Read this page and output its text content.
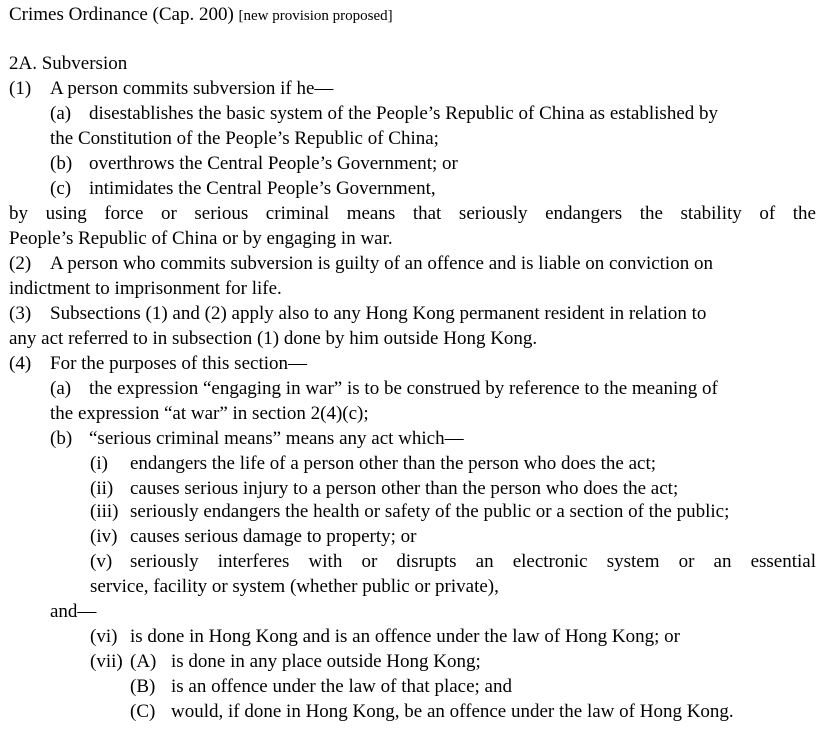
Crimes Ordinance (Cap. 200) [new provision proposed]
2A. Subversion
(1) A person commits subversion if he—
(a) disestablishes the basic system of the People’s Republic of China as established by
the Constitution of the People’s Republic of China;
(b) overthrows the Central People’s Government; or
(c) intimidates the Central People’s Government,
by using force or serious criminal means that seriously endangers the stability of the
People’s Republic of China or by engaging in war.
(2) A person who commits subversion is guilty of an offence and is liable on conviction on
indictment to imprisonment for life.
(3) Subsections (1) and (2) apply also to any Hong Kong permanent resident in relation to
any act referred to in subsection (1) done by him outside Hong Kong.
(4) For the purposes of this section—
(a) the expression “engaging in war” is to be construed by reference to the meaning of
the expression “at war” in section 2(4)(c);
(b) “serious criminal means” means any act which—
(i) endangers the life of a person other than the person who does the act;
(ii) causes serious injury to a person other than the person who does the act;
(iii) seriously endangers the health or safety of the public or a section of the public;
(iv) causes serious damage to property; or
(v) seriously interferes with or disrupts an electronic system or an essential
service, facility or system (whether public or private),
and—
(vi) is done in Hong Kong and is an offence under the law of Hong Kong; or
(vii) (A) is done in any place outside Hong Kong;
(B) is an offence under the law of that place; and
(C) would, if done in Hong Kong, be an offence under the law of Hong Kong.
